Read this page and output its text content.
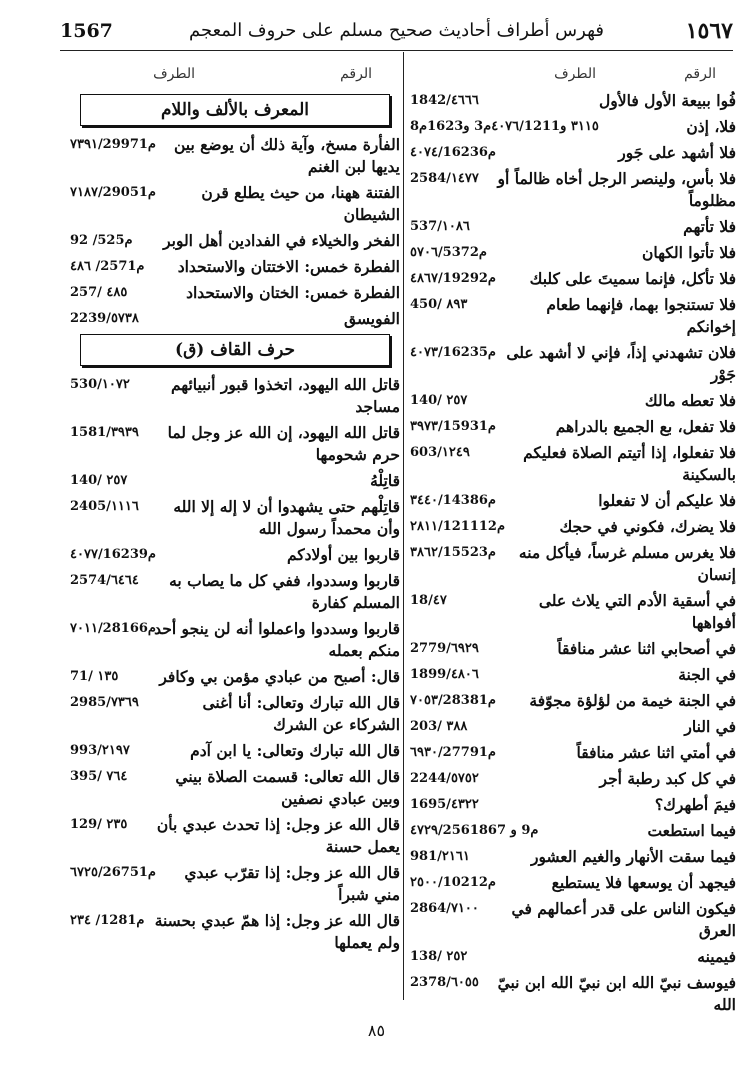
1567	فهرس أطراف أحاديث صحيح مسلم على حروف المعجم	١٥٦٧
الرقم
الطرف
فُوا ببيعة الأول فالأول
1842/٤٦٦٦
فلا، إذن
٣١١٥ و٤٠٧٦/1211م3 و1623م8
فلا أشهد على جَور
٤٠٧٤/1623م6
فلا بأس، ولينصر الرجل أخاه ظالماً أو مظلوماً
2584/١٤٧٧
فلا تأتهم
537/١٠٨٦
فلا تأتوا الكهان
٥٧٠٦/537م2
فلا تأكل، فإنما سميتَ على كلبك
٤٨٦٧/1929م2
فلا تستنجوا بهما، فإنهما طعام إخوانكم
450/ ٨٩٣
فلان تشهدني إذاً، فإني لا أشهد على جَوْر
٤٠٧٣/1623م5
فلا تعطه مالك
140/ ٢٥٧
فلا تفعل، بع الجميع بالدراهم
٣٩٧٣/1593م1
فلا تفعلوا، إذا أتيتم الصلاة فعليكم بالسكينة
603/١٢٤٩
فلا عليكم أن لا تفعلوا
٣٤٤٠/1438م6
فلا يضرك، فكوني في حجك
٢٨١١/1211م12
فلا يغرس مسلم غرساً، فيأكل منه إنسان
٣٨٦٢/1552م3
في أسقية الأدم التي يلاث على أفواهها
18/٤٧
في أصحابي اثنا عشر منافقاً
2779/٦٩٢٩
في الجنة
1899/٤٨٠٦
في الجنة خيمة من لؤلؤة مجوّفة
٧٠٥٣/2838م1
في النار
203/ ٣٨٨
في أمتي اثنا عشر منافقاً
٦٩٣٠/2779م1
في كل كبد رطبة أجر
2244/٥٧٥٢
فيمَ أطهرك؟
1695/٤٣٢٢
فيما استطعت
٤٧٢٩/256م9 و 1867
فيما سقت الأنهار والغيم العشور
981/٢١٦١
فيجهد أن يوسعها فلا يستطيع
٢٥٠٠/1021م2
فيكون الناس على قدر أعمالهم في العرق
2864/٧١٠٠
فيمينه
138/ ٢٥٢
فيوسف نبيّ الله ابن نبيّ الله ابن نبيّ الله
2378/٦٠٥٥
الرقم
الطرف
المعرف بالألف واللام
الفأرة مسخ، وآية ذلك أن يوضع بين يديها لبن الغنم
٧٣٩١/2997م1
الفتنة ههنا، من حيث يطلع قرن الشيطان
٧١٨٧/2905م1
الفخر والخيلاء في الفدادين أهل الوبر
92 /52م5
الفطرة خمس: الاختتان والاستحداد
٤٨٦ /257م1
الفطرة خمس: الختان والاستحداد
257/ ٤٨٥
الفويسق
2239/٥٧٣٨
حرف القاف (ق)
قاتل الله اليهود، اتخذوا قبور أنبيائهم مساجد
530/١٠٧٢
قاتل الله اليهود، إن الله عز وجل لما حرم شحومها
1581/٣٩٣٩
قاتِلْهُ
140/ ٢٥٧
قاتِلْهم حتى يشهدوا أن لا إله إلا الله وأن محمداً رسول الله
2405/١١١٦
قاربوا بين أولادكم
٤٠٧٧/1623م9
قاربوا وسددوا، ففي كل ما يصاب به المسلم كفارة
2574/٦٤٦٤
قاربوا وسددوا واعملوا أنه لن ينجو أحد منكم بعمله
٧٠١١/2816م6
قال: أصبح من عبادي مؤمن بي وكافر
71/ ١٣٥
قال الله تبارك وتعالى: أنا أغنى الشركاء عن الشرك
2985/٧٣٦٩
قال الله تبارك وتعالى: يا ابن آدم
993/٢١٩٧
قال الله تعالى: قسمت الصلاة بيني وبين عبادي نصفين
395/ ٧٦٤
قال الله عز وجل: إذا تحدث عبدي بأن يعمل حسنة
129/ ٢٣٥
قال الله عز وجل: إذا تقرّب عبدي مني شبراً
٦٧٢٥/2675م1
قال الله عز وجل: إذا همّ عبدي بحسنة ولم يعملها
٢٣٤ /128م1
٨٥
